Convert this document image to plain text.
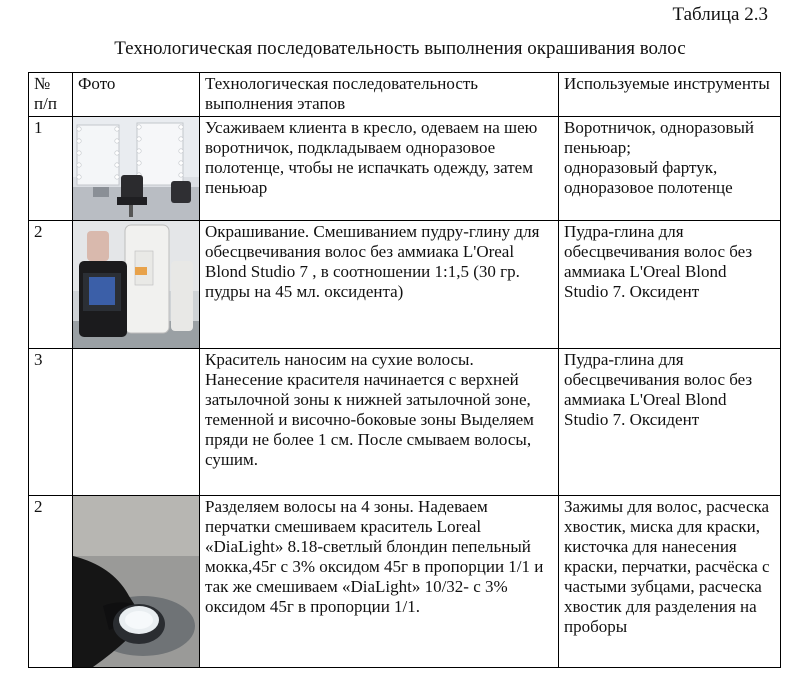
Таблица 2.3
Технологическая последовательность выполнения окрашивания волос
№ п/п	Фото	Технологическая последовательность выполнения этапов	Используемые инструменты
1		Усаживаем клиента в кресло, одеваем на шею воротничок, подкладываем одноразовое полотенце, чтобы не испачкать одежду, затем пеньюар	Воротничок, одноразовый пеньюар;
одноразовый фартук, одноразовое полотенце
2		Окрашивание. Смешиванием пудру-глину для обесцвечивания волос без аммиака L'Oreal Blond Studio 7 , в соотношении 1:1,5 (30 гр. пудры на 45 мл. оксидента)	Пудра-глина для обесцвечивания волос без аммиака L'Oreal Blond Studio 7. Оксидент
3		Краситель наносим на сухие волосы. Нанесение красителя начинается с верхней затылочной зоны к нижней затылочной зоне, теменной и височно-боковые зоны Выделяем пряди не более 1 см. После смываем волосы, сушим.	Пудра-глина для обесцвечивания волос без аммиака L'Oreal Blond Studio 7. Оксидент
2		Разделяем волосы на 4 зоны. Надеваем перчатки смешиваем краситель Loreal «DiaLight» 8.18-светлый блондин пепельный мокка,45г с 3% оксидом 45г в пропорции 1/1 и так же смешиваем «DiaLight» 10/32- с 3% оксидом 45г в пропорции 1/1.	Зажимы для волос, расческа хвостик, миска для краски, кисточка для нанесения краски, перчатки, расчёска с частыми зубцами, расческа хвостик для разделения на проборы
